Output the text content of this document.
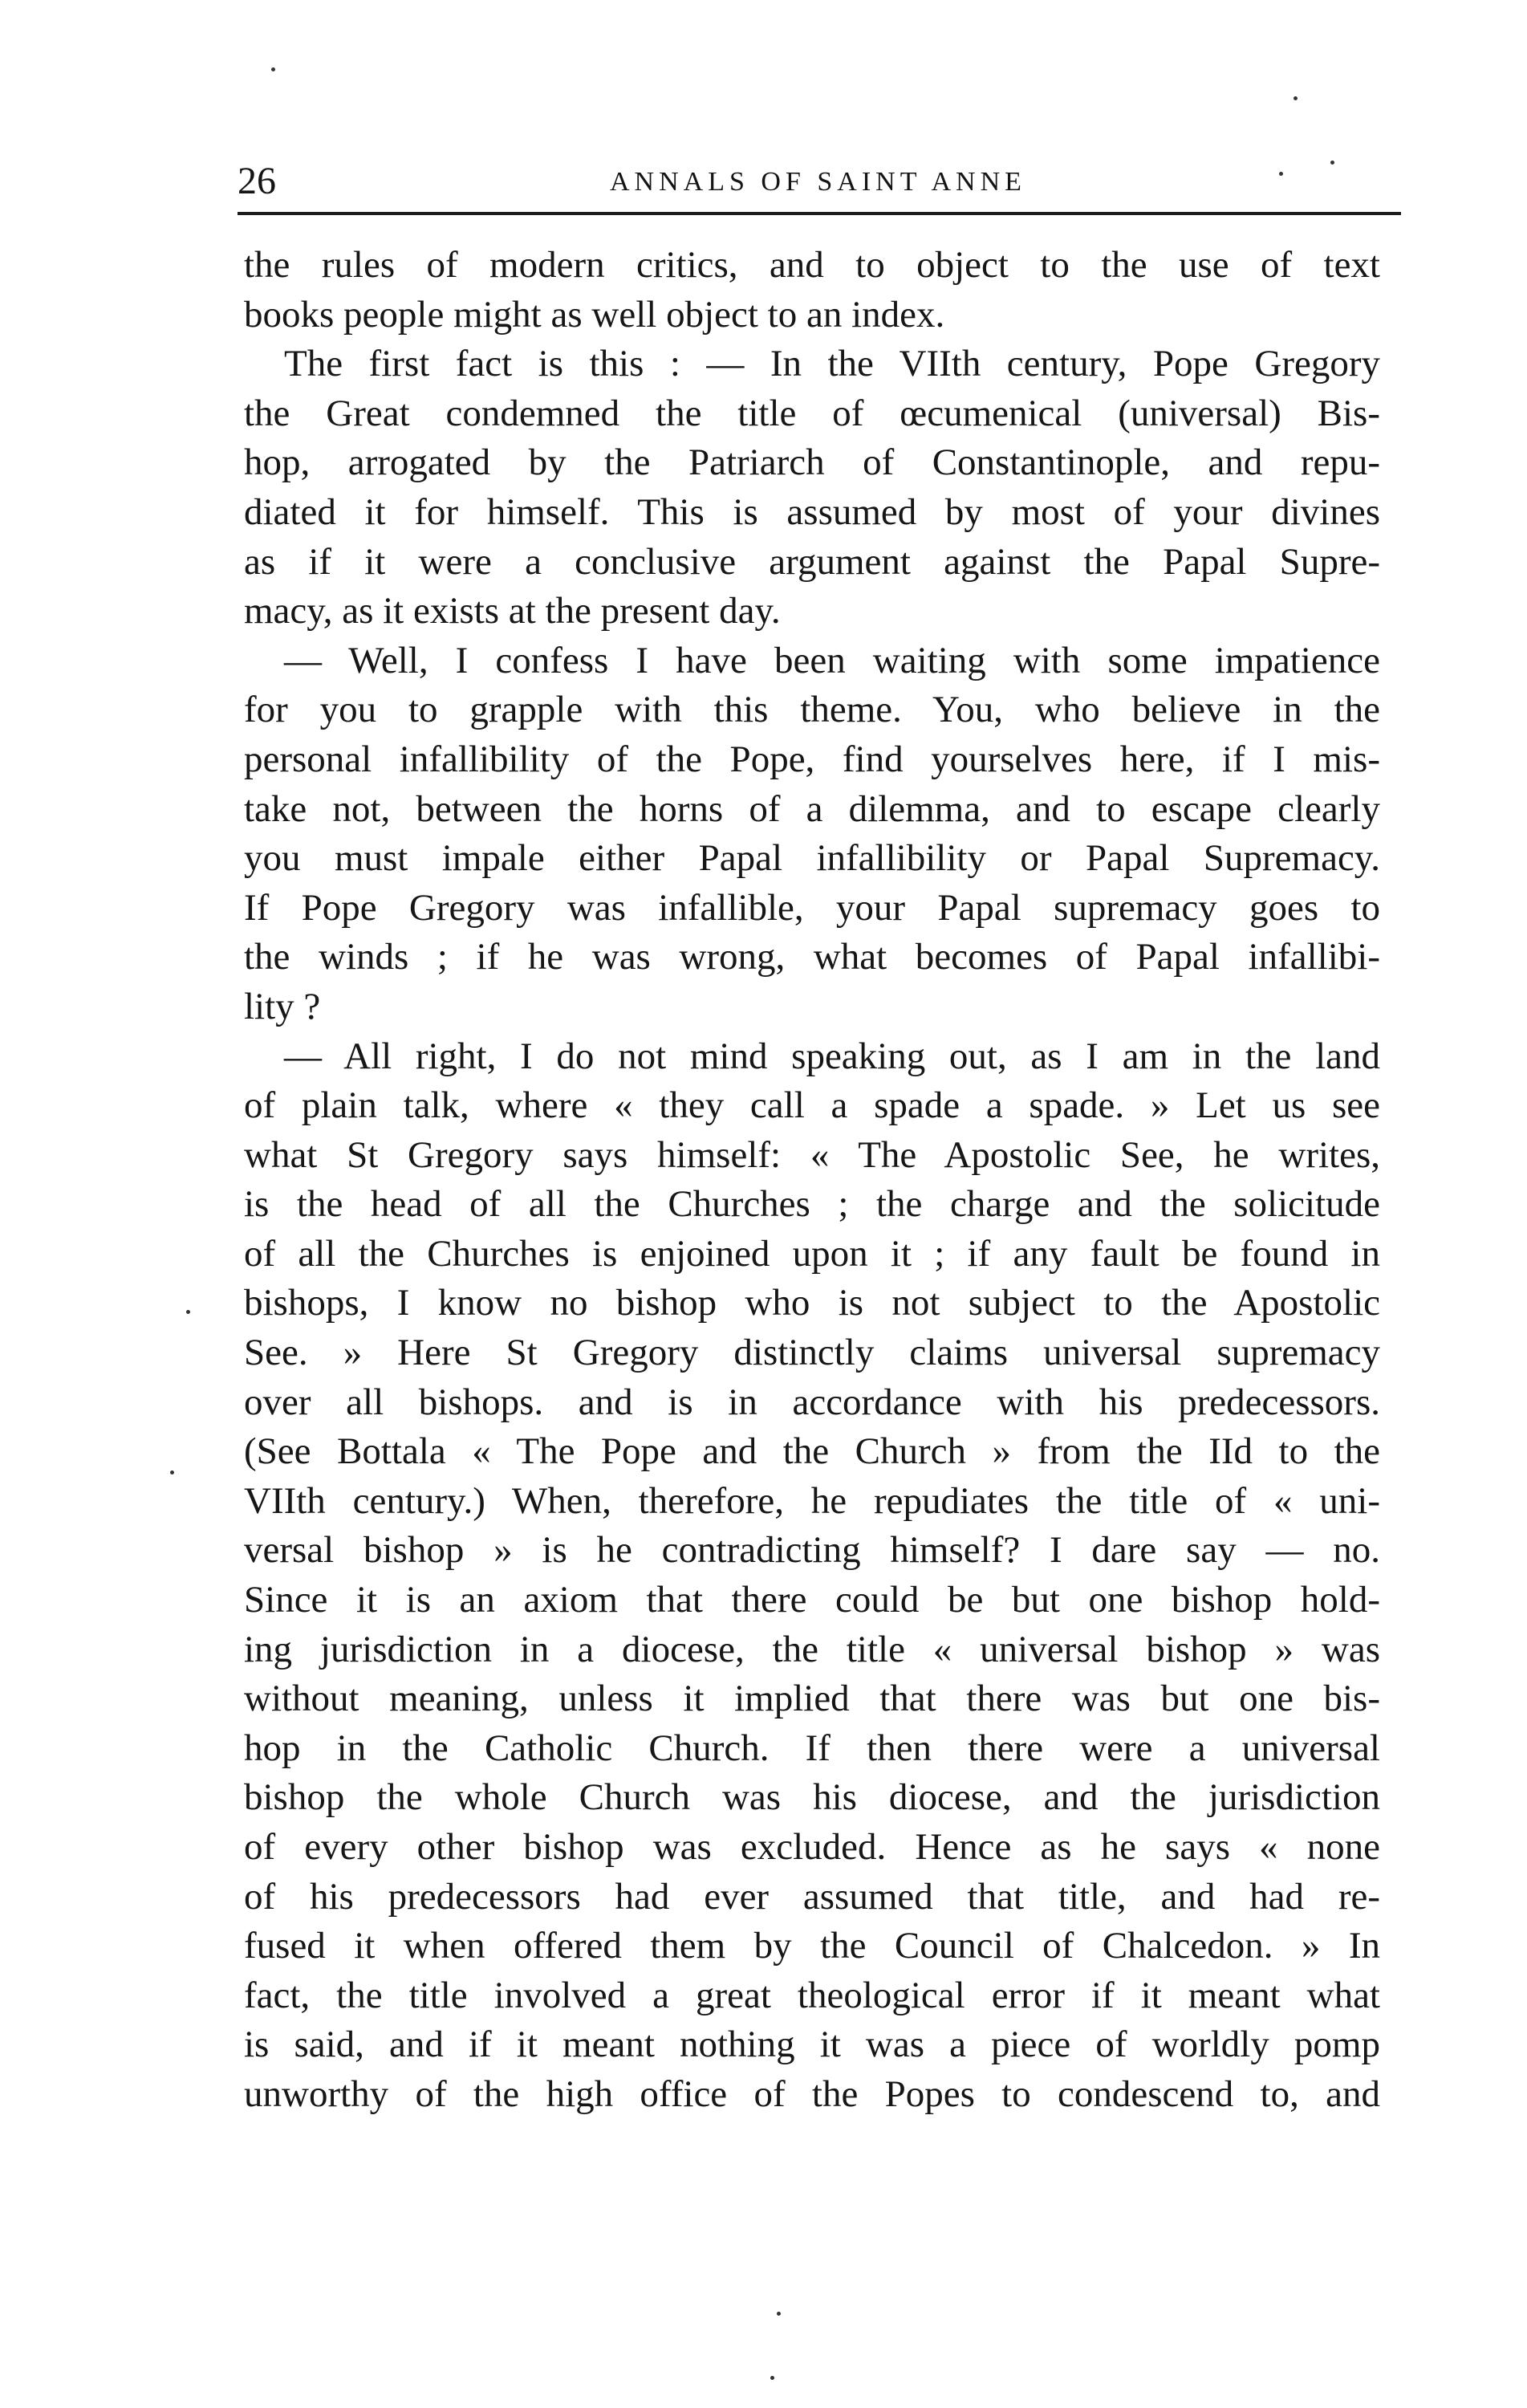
26	ANNALS OF SAINT ANNE
the rules of modern critics, and to object to the use of text
books people might as well object to an index.
The first fact is this : — In the VIIth century, Pope Gregory
the Great condemned the title of œcumenical (universal) Bis-
hop, arrogated by the Patriarch of Constantinople, and repu-
diated it for himself. This is assumed by most of your divines
as if it were a conclusive argument against the Papal Supre-
macy, as it exists at the present day.
— Well, I confess I have been waiting with some impatience
for you to grapple with this theme. You, who believe in the
personal infallibility of the Pope, find yourselves here, if I mis-
take not, between the horns of a dilemma, and to escape clearly
you must impale either Papal infallibility or Papal Supremacy.
If Pope Gregory was infallible, your Papal supremacy goes to
the winds ; if he was wrong, what becomes of Papal infallibi-
lity ?
— All right, I do not mind speaking out, as I am in the land
of plain talk, where « they call a spade a spade. » Let us see
what St Gregory says himself: « The Apostolic See, he writes,
is the head of all the Churches ; the charge and the solicitude
of all the Churches is enjoined upon it ; if any fault be found in
bishops, I know no bishop who is not subject to the Apostolic
See. » Here St Gregory distinctly claims universal supremacy
over all bishops. and is in accordance with his predecessors.
(See Bottala « The Pope and the Church » from the IId to the
VIIth century.) When, therefore, he repudiates the title of « uni-
versal bishop » is he contradicting himself? I dare say — no.
Since it is an axiom that there could be but one bishop hold-
ing jurisdiction in a diocese, the title « universal bishop » was
without meaning, unless it implied that there was but one bis-
hop in the Catholic Church. If then there were a universal
bishop the whole Church was his diocese, and the jurisdiction
of every other bishop was excluded. Hence as he says « none
of his predecessors had ever assumed that title, and had re-
fused it when offered them by the Council of Chalcedon. » In
fact, the title involved a great theological error if it meant what
is said, and if it meant nothing it was a piece of worldly pomp
unworthy of the high office of the Popes to condescend to, and
